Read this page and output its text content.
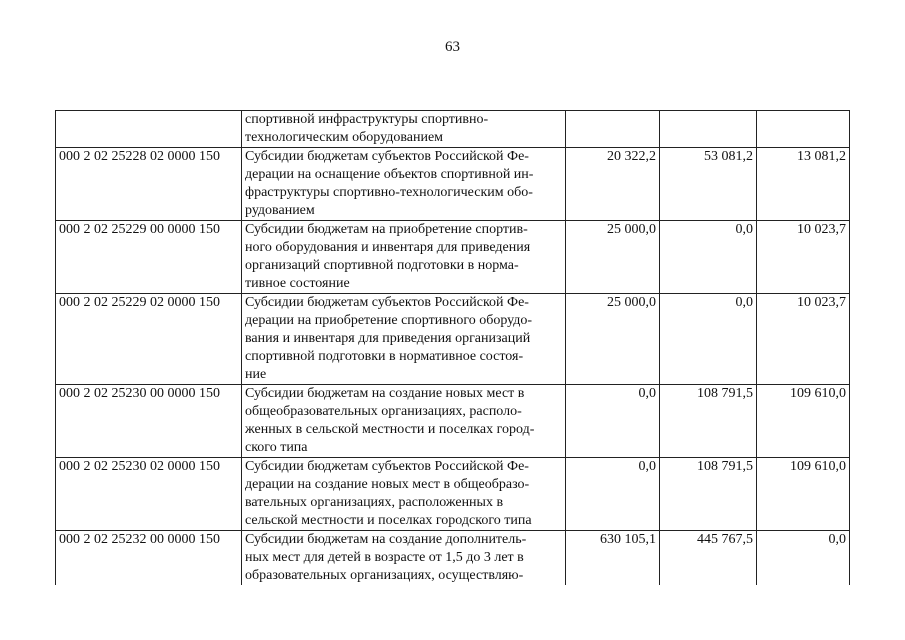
63

	спортивной инфраструктуры спортивно-
технологическим оборудованием			

000 2 02 25228 02 0000 150	Субсидии бюджетам субъектов Российской Фе-
дерации на оснащение объектов спортивной ин-
фраструктуры спортивно-технологическим обо-
рудованием	20 322,2	53 081,2	13 081,2
000 2 02 25229 00 0000 150	Субсидии бюджетам на приобретение спортив-
ного оборудования и инвентаря для приведения
организаций спортивной подготовки в норма-
тивное состояние	25 000,0	0,0	10 023,7
000 2 02 25229 02 0000 150	Субсидии бюджетам субъектов Российской Фе-
дерации на приобретение спортивного оборудо-
вания и инвентаря для приведения организаций
спортивной подготовки в нормативное состоя-
ние	25 000,0	0,0	10 023,7
000 2 02 25230 00 0000 150	Субсидии бюджетам на создание новых мест в
общеобразовательных организациях, располо-
женных в сельской местности и поселках город-
ского типа	0,0	108 791,5	109 610,0
000 2 02 25230 02 0000 150	Субсидии бюджетам субъектов Российской Фе-
дерации на создание новых мест в общеобразо-
вательных организациях, расположенных в
сельской местности и поселках городского типа	0,0	108 791,5	109 610,0
000 2 02 25232 00 0000 150	Субсидии бюджетам на создание дополнитель-
ных мест для детей в возрасте от 1,5 до 3 лет в
образовательных организациях, осуществляю-	630 105,1	445 767,5	0,0
